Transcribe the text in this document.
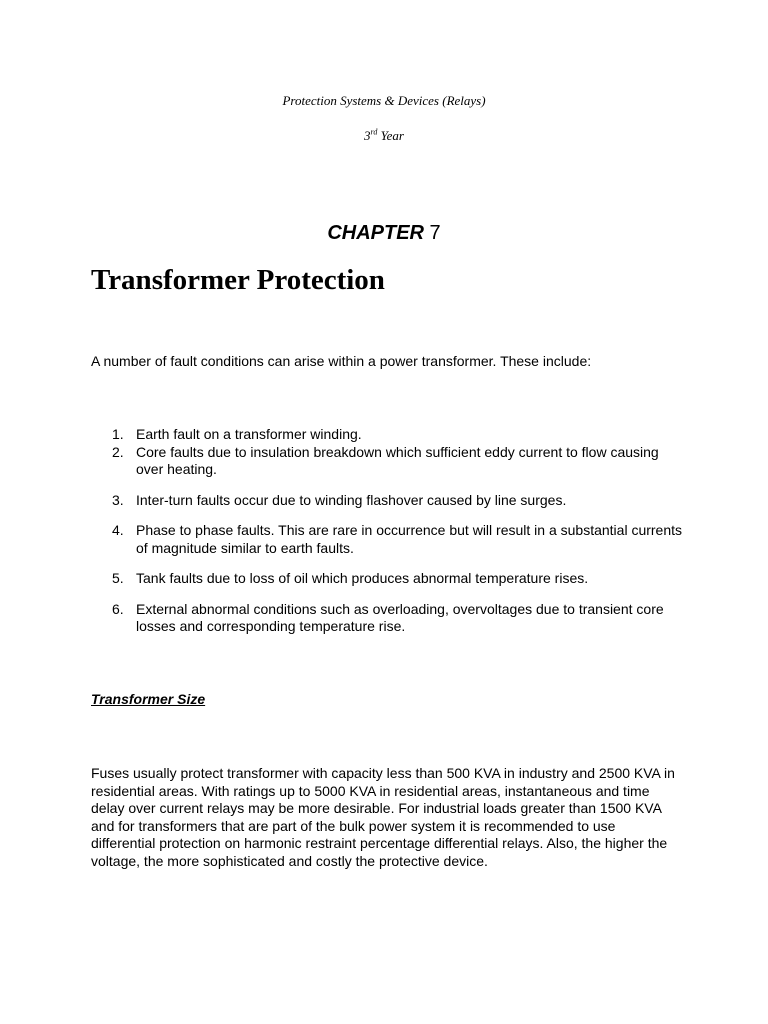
Protection Systems & Devices (Relays)
3rd Year
CHAPTER 7
Transformer Protection

A number of fault conditions can arise within a power transformer. These include:

1. Earth fault on a transformer winding.
2. Core faults due to insulation breakdown which sufficient eddy current to flow causing over heating.
3. Inter-turn faults occur due to winding flashover caused by line surges.
4. Phase to phase faults. This are rare in occurrence but will result in a substantial currents of magnitude similar to earth faults.
5. Tank faults due to loss of oil which produces abnormal temperature rises.
6. External abnormal conditions such as overloading, overvoltages due to transient core losses and corresponding temperature rise.
Transformer Size

Fuses usually protect transformer with capacity less than 500 KVA in industry and 2500 KVA in residential areas. With ratings up to 5000 KVA in residential areas, instantaneous and time delay over current relays may be more desirable. For industrial loads greater than 1500 KVA and for transformers that are part of the bulk power system it is recommended to use differential protection on harmonic restraint percentage differential relays. Also, the higher the voltage, the more sophisticated and costly the protective device.
